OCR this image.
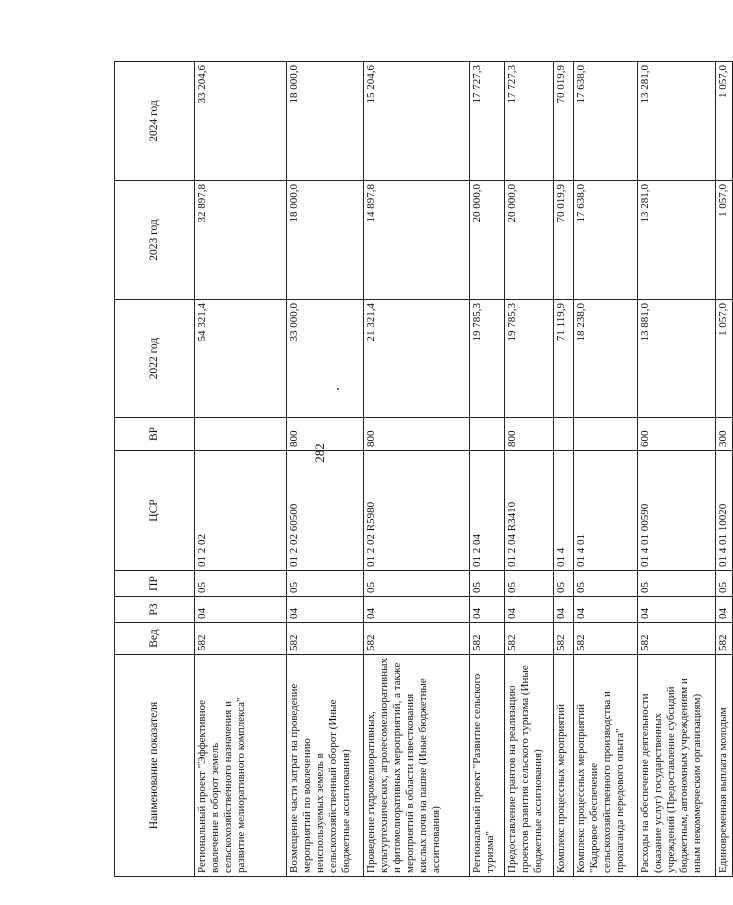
282
Наименование показателя	Вед	РЗ	ПР	ЦСР	ВР	2022 год	2023 год	2024 год
Региональный проект "Эффективное вовлечение в оборот земель сельскохозяйственного назначения и развитие мелиоративного комплекса"	582	04	05	01 2 02		54 321,4	32 897,8	33 204,6
Возмещение части затрат на проведение мероприятий по вовлечению неиспользуемых земель в сельскохозяйственный оборот (Иные бюджетные ассигнования)	582	04	05	01 2 02 60500	800	33 000,0	18 000,0	18 000,0
Проведение гидромелиоративных, культуртехнических, агролесомелиоративных и фитомелиоративных мероприятий, а также мероприятий в области известкования кислых почв на пашне (Иные бюджетные ассигнования)	582	04	05	01 2 02 R5980	800	21 321,4	14 897,8	15 204,6
Региональный проект "Развитие сельского туризма"	582	04	05	01 2 04		19 785,3	20 000,0	17 727,3
Предоставление грантов на реализацию проектов развития сельского туризма (Иные бюджетные ассигнования)	582	04	05	01 2 04 R3410	800	19 785,3	20 000,0	17 727,3
Комплекс процессных мероприятий	582	04	05	01 4		71 119,9	70 019,9	70 019,9
Комплекс процессных мероприятий "Кадровое обеспечение сельскохозяйственного производства и пропаганда передового опыта"	582	04	05	01 4 01		18 238,0	17 638,0	17 638,0
Расходы на обеспечение деятельности (оказание услуг) государственных учреждений (Предоставление субсидий бюджетным, автономным учреждениям и иным некоммерческим организациям)	582	04	05	01 4 01 00590	600	13 881,0	13 281,0	13 281,0
Единовременная выплата молодым	582	04	05	01 4 01 10020	300	1 057,0	1 057,0	1 057,0
